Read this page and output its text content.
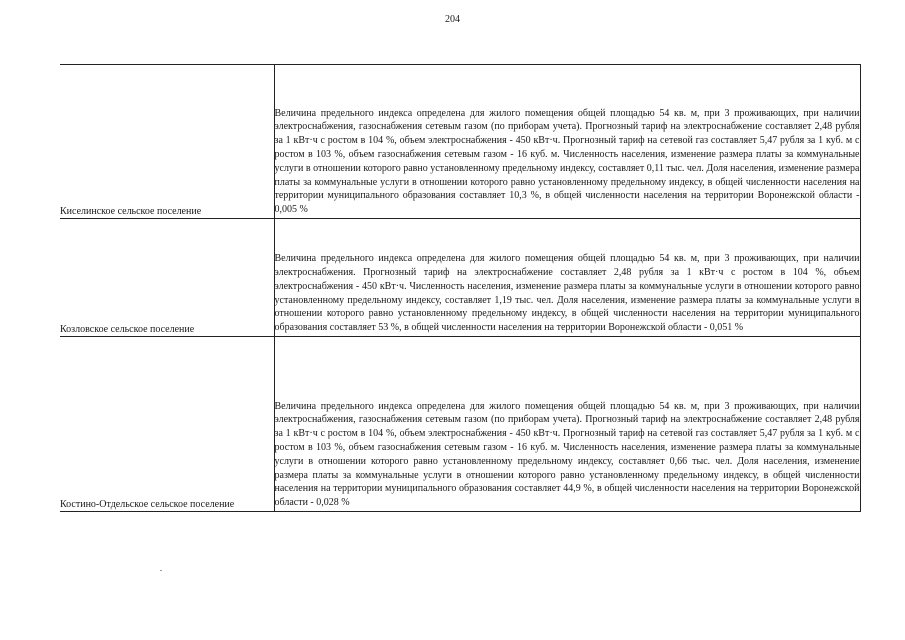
204
Киселинское сельское поселение	Величина предельного индекса определена для жилого помещения общей площадью 54 кв. м, при 3 проживающих, при наличии электроснабжения, газоснабжения сетевым газом (по приборам учета). Прогнозный тариф на электроснабжение составляет 2,48 рубля за 1 кВт·ч с ростом в 104 %, объем электроснабжения - 450 кВт·ч. Прогнозный тариф на сетевой газ составляет 5,47 рубля за 1 куб. м с ростом в 103 %, объем газоснабжения сетевым газом - 16 куб. м. Численность населения, изменение размера платы за коммунальные услуги в отношении которого равно установленному предельному индексу, составляет 0,11 тыс. чел. Доля населения, изменение размера платы за коммунальные услуги в отношении которого равно установленному предельному индексу, в общей численности населения на территории муниципального образования составляет 10,3 %, в общей численности населения на территории Воронежской области - 0,005 %

Козловское сельское поселение	Величина предельного индекса определена для жилого помещения общей площадью 54 кв. м, при 3 проживающих, при наличии электроснабжения. Прогнозный тариф на электроснабжение составляет 2,48 рубля за 1 кВт·ч с ростом в 104 %, объем электроснабжения - 450 кВт·ч. Численность населения, изменение размера платы за коммунальные услуги в отношении которого равно установленному предельному индексу, составляет 1,19 тыс. чел. Доля населения, изменение размера платы за коммунальные услуги в отношении которого равно установленному предельному индексу, в общей численности населения на территории муниципального образования составляет 53 %, в общей численности населения на территории Воронежской области - 0,051 %

Костино-Отдельское сельское поселение	Величина предельного индекса определена для жилого помещения общей площадью 54 кв. м, при 3 проживающих, при наличии электроснабжения, газоснабжения сетевым газом (по приборам учета). Прогнозный тариф на электроснабжение составляет 2,48 рубля за 1 кВт·ч с ростом в 104 %, объем электроснабжения - 450 кВт·ч. Прогнозный тариф на сетевой газ составляет 5,47 рубля за 1 куб. м с ростом в 103 %, объем газоснабжения сетевым газом - 16 куб. м. Численность населения, изменение размера платы за коммунальные услуги в отношении которого равно установленному предельному индексу, составляет 0,66 тыс. чел. Доля населения, изменение размера платы за коммунальные услуги в отношении которого равно установленному предельному индексу, в общей численности населения на территории муниципального образования составляет 44,9 %, в общей численности населения на территории Воронежской области - 0,028 %
